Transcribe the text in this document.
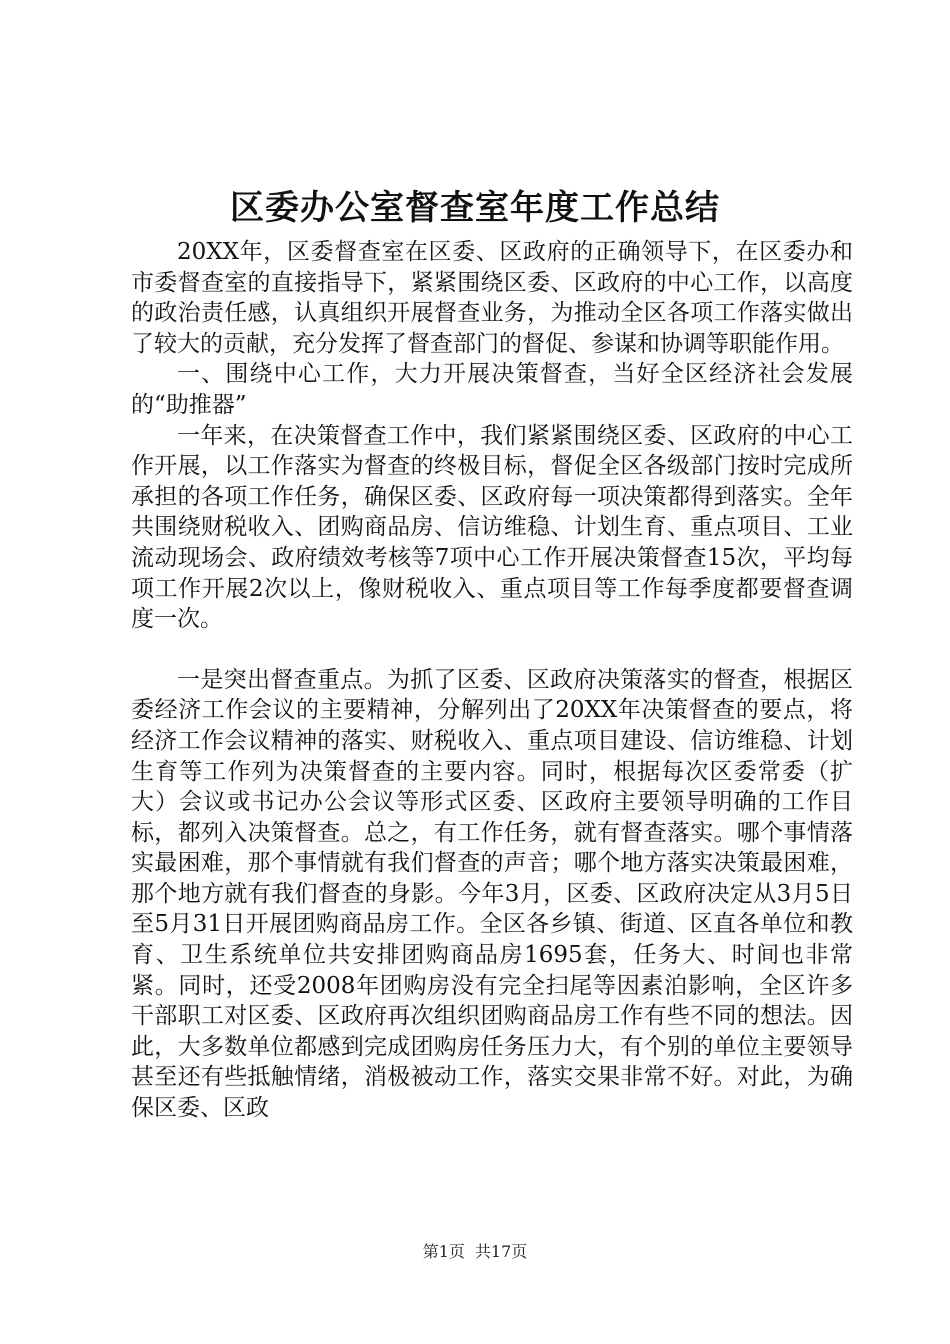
区委办公室督查室年度工作总结

20XX年，区委督查室在区委、区政府的正确领导下，在区委办和市委督查室的直接指导下，紧紧围绕区委、区政府的中心工作，以高度的政治责任感，认真组织开展督查业务，为推动全区各项工作落实做出了较大的贡献，充分发挥了督查部门的督促、参谋和协调等职能作用。

一、围绕中心工作，大力开展决策督查，当好全区经济社会发展的“助推器”

一年来，在决策督查工作中，我们紧紧围绕区委、区政府的中心工作开展，以工作落实为督查的终极目标，督促全区各级部门按时完成所承担的各项工作任务，确保区委、区政府每一项决策都得到落实。全年共围绕财税收入、团购商品房、信访维稳、计划生育、重点项目、工业流动现场会、政府绩效考核等7项中心工作开展决策督查15次，平均每项工作开展2次以上，像财税收入、重点项目等工作每季度都要督查调度一次。

一是突出督查重点。为抓了区委、区政府决策落实的督查，根据区委经济工作会议的主要精神，分解列出了20XX年决策督查的要点，将经济工作会议精神的落实、财税收入、重点项目建设、信访维稳、计划生育等工作列为决策督查的主要内容。同时，根据每次区委常委（扩大）会议或书记办公会议等形式区委、区政府主要领导明确的工作目标，都列入决策督查。总之，有工作任务，就有督查落实。哪个事情落实最困难，那个事情就有我们督查的声音；哪个地方落实决策最困难，那个地方就有我们督查的身影。今年3月，区委、区政府决定从3月5日至5月31日开展团购商品房工作。全区各乡镇、街道、区直各单位和教育、卫生系统单位共安排团购商品房1695套，任务大、时间也非常紧。同时，还受2008年团购房没有完全扫尾等因素泊影响，全区许多干部职工对区委、区政府再次组织团购商品房工作有些不同的想法。因此，大多数单位都感到完成团购房任务压力大，有个别的单位主要领导甚至还有些抵触情绪，消极被动工作，落实交果非常不好。对此，为确保区委、区政

第1页 共17页
